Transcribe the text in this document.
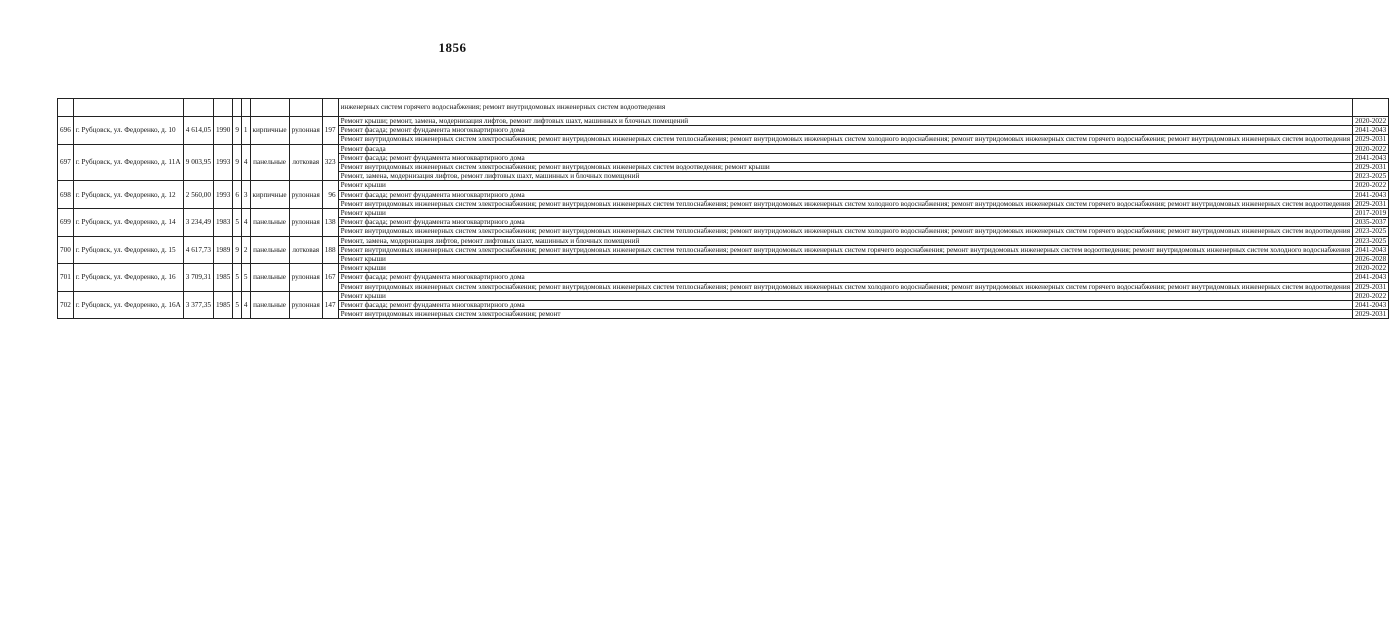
1856
									инженерных систем горячего водоснабжения; ремонт внутридомовых инженерных систем водоотведения	
696	г. Рубцовск, ул. Федоренко, д. 10	4 614,05	1990	9	1	кирпичные	рулонная	197	Ремонт крыши; ремонт, замена, модернизация лифтов, ремонт лифтовых шахт, машинных и блочных помещений	2020-2022
									Ремонт фасада; ремонт фундамента многоквартирного дома	2041-2043
									Ремонт внутридомовых инженерных систем электроснабжения; ремонт внутридомовых инженерных систем теплоснабжения; ремонт внутридомовых инженерных систем холодного водоснабжения; ремонт внутридомовых инженерных систем горячего водоснабжения; ремонт внутридомовых инженерных систем водоотведения	2029-2031
697	г. Рубцовск, ул. Федоренко, д. 11А	9 003,95	1993	9	4	панельные	лотковая	323	Ремонт фасада	2020-2022
									Ремонт фасада; ремонт фундамента многоквартирного дома	2041-2043
									Ремонт внутридомовых инженерных систем электроснабжения; ремонт внутридомовых инженерных систем водоотведения; ремонт крыши	2029-2031
									Ремонт, замена, модернизация лифтов, ремонт лифтовых шахт, машинных и блочных помещений	2023-2025
698	г. Рубцовск, ул. Федоренко, д. 12	2 560,00	1993	6	3	кирпичные	рулонная	96	Ремонт крыши	2020-2022
									Ремонт фасада; ремонт фундамента многоквартирного дома	2041-2043
									Ремонт внутридомовых инженерных систем электроснабжения; ремонт внутридомовых инженерных систем теплоснабжения; ремонт внутридомовых инженерных систем холодного водоснабжения; ремонт внутридомовых инженерных систем горячего водоснабжения; ремонт внутридомовых инженерных систем водоотведения	2029-2031
699	г. Рубцовск, ул. Федоренко, д. 14	3 234,49	1983	5	4	панельные	рулонная	138	Ремонт крыши	2017-2019
									Ремонт фасада; ремонт фундамента многоквартирного дома	2035-2037
									Ремонт внутридомовых инженерных систем электроснабжения; ремонт внутридомовых инженерных систем теплоснабжения; ремонт внутридомовых инженерных систем холодного водоснабжения; ремонт внутридомовых инженерных систем горячего водоснабжения; ремонт внутридомовых инженерных систем водоотведения	2023-2025
700	г. Рубцовск, ул. Федоренко, д. 15	4 617,73	1989	9	2	панельные	лотковая	188	Ремонт, замена, модернизация лифтов, ремонт лифтовых шахт, машинных и блочных помещений	2023-2025
									Ремонт внутридомовых инженерных систем электроснабжения; ремонт внутридомовых инженерных систем теплоснабжения; ремонт внутридомовых инженерных систем горячего водоснабжения; ремонт внутридомовых инженерных систем водоотведения; ремонт внутридомовых инженерных систем холодного водоснабжения	2041-2043
									Ремонт крыши	2026-2028
701	г. Рубцовск, ул. Федоренко, д. 16	3 709,31	1985	5	5	панельные	рулонная	167	Ремонт крыши	2020-2022
									Ремонт фасада; ремонт фундамента многоквартирного дома	2041-2043
									Ремонт внутридомовых инженерных систем электроснабжения; ремонт внутридомовых инженерных систем теплоснабжения; ремонт внутридомовых инженерных систем холодного водоснабжения; ремонт внутридомовых инженерных систем горячего водоснабжения; ремонт внутридомовых инженерных систем водоотведения	2029-2031
702	г. Рубцовск, ул. Федоренко, д. 16А	3 377,35	1985	5	4	панельные	рулонная	147	Ремонт крыши	2020-2022
									Ремонт фасада; ремонт фундамента многоквартирного дома	2041-2043
									Ремонт внутридомовых инженерных систем электроснабжения; ремонт	2029-2031
